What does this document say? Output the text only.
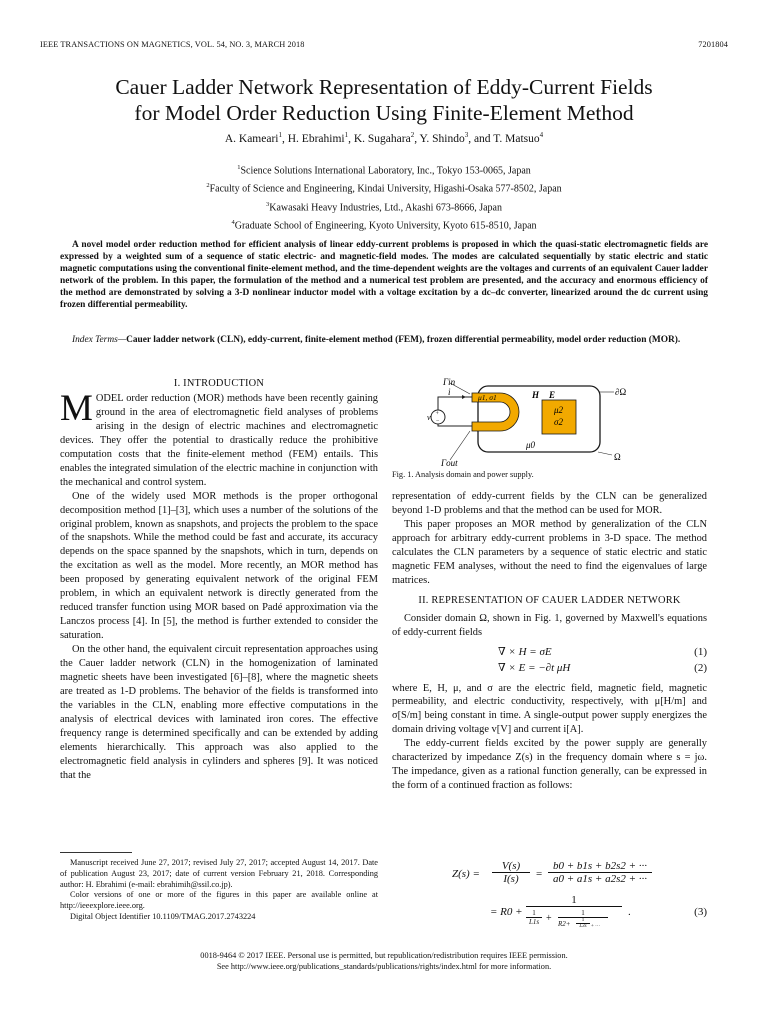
IEEE TRANSACTIONS ON MAGNETICS, VOL. 54, NO. 3, MARCH 2018	7201804
Cauer Ladder Network Representation of Eddy-Current Fields
for Model Order Reduction Using Finite-Element Method
A. Kameari$^1$, H. Ebrahimi$^1$, K. Sugahara$^2$, Y. Shindo$^3$, and T. Matsuo$^4$
$^1$Science Solutions International Laboratory, Inc., Tokyo 153-0065, Japan
$^2$Faculty of Science and Engineering, Kindai University, Higashi-Osaka 577-8502, Japan
$^3$Kawasaki Heavy Industries, Ltd., Akashi 673-8666, Japan
$^4$Graduate School of Engineering, Kyoto University, Kyoto 615-8510, Japan
A novel model order reduction method for efficient analysis of linear eddy-current problems is proposed in which the quasi-static electromagnetic fields are expressed by a weighted sum of a sequence of static electric- and magnetic-field modes. The modes are calculated sequentially by static electric and static magnetic computations using the conventional finite-element method, and the time-dependent weights are the voltages and currents of an equivalent Cauer ladder network of the problem. In this paper, the formulation of the method and a numerical test problem are presented, and the accuracy and enormous efficiency of the method are demonstrated by solving a 3-D nonlinear inductor model with a voltage excitation by a dc–dc converter, linearized around the dc current using frozen differential permeability.
Index Terms—Cauer ladder network (CLN), eddy-current, finite-element method (FEM), frozen differential permeability, model order reduction (MOR).
I. INTRODUCTION

MODEL order reduction (MOR) methods have been recently gaining ground in the area of electromagnetic field analyses of problems arising in the design of electric machines and electromagnetic devices. They offer the potential to drastically reduce the prohibitive computation costs that the finite-element method (FEM) entails. This enables the integrated simulation of the electric machine in conjunction with the mechanical and control system.

One of the widely used MOR methods is the proper orthogonal decomposition method [1]–[3], which uses a number of the solutions of the original problem, known as snapshots, and projects the problem to the space of the snapshots. While the method could be fast and accurate, its accuracy depends on the space spanned by the snapshots, which in turn, depends on the excitation as well as the model. More recently, an MOR method has been proposed by generating equivalent network of the original FEM problem, in which an equivalent network is directly generated from the reduced transfer function using MOR based on Padé approximation via the Lanczos process [4]. In [5], the method is further extended to consider the saturation.

On the other hand, the equivalent circuit representation approaches using the Cauer ladder network (CLN) in the homogenization of laminated magnetic sheets have been investigated [6]–[8], where the magnetic sheets are treated as 1-D problems. The behavior of the fields is transformed into the variables in the CLN, enabling more effective computations in the analysis of electrical devices with laminated iron cores. The effective frequency range is determined specifically and can be extended by adding elements hierarchically. This approach was also applied to the electromagnetic field analysis in cylinders and spheres [9]. It was noticed that the

Manuscript received June 27, 2017; revised July 27, 2017; accepted August 14, 2017. Date of publication August 23, 2017; date of current version February 21, 2018. Corresponding author: H. Ebrahimi (e-mail: ebrahimih@ssil.co.jp).

Color versions of one or more of the figures in this paper are available online at http://ieeexplore.ieee.org.

Digital Object Identifier 10.1109/TMAG.2017.2743224

+
−
Γin
i
μ1, σ1	H E	∂Ω
μ2
σ2
μ0
v
Γout
Ω
Fig. 1. Analysis domain and power supply.

representation of eddy-current fields by the CLN can be generalized beyond 1-D problems and that the method can be used for MOR.

This paper proposes an MOR method by generalization of the CLN approach for arbitrary eddy-current problems in 3-D space. The method calculates the CLN parameters by a sequence of static electric and static magnetic FEM analyses, without the need to find the eigenvalues of large matrices.

II. REPRESENTATION OF CAUER LADDER NETWORK

Consider domain Ω, shown in Fig. 1, governed by Maxwell's equations of eddy-current fields

∇ × H = σE	(1)
∇ × E = −∂t μH	(2)

where E, H, μ, and σ are the electric field, magnetic field, magnetic permeability, and electric conductivity, respectively, with μ[H/m] and σ[S/m] being constant in time. A single-output power supply energizes the domain driving voltage v[V] and current i[A].

The eddy-current fields excited by the power supply are generally characterized by impedance Z(s) in the frequency domain where s = jω. The impedance, given as a rational function generally, can be expressed in the form of a continued fraction as follows:

$Z(s) = \frac{V(s)}{I(s)} = \frac{b0 + b1s + b2s2 + \cdot\cdot\cdot}{a0 + a1s + a2s2 + \cdot\cdot\cdot}$
= R0 +
1
1
L1s +	1
R2+	1
L3s + ···
.	(3)
0018-9464 © 2017 IEEE. Personal use is permitted, but republication/redistribution requires IEEE permission.
See http://www.ieee.org/publications_standards/publications/rights/index.html for more information.
